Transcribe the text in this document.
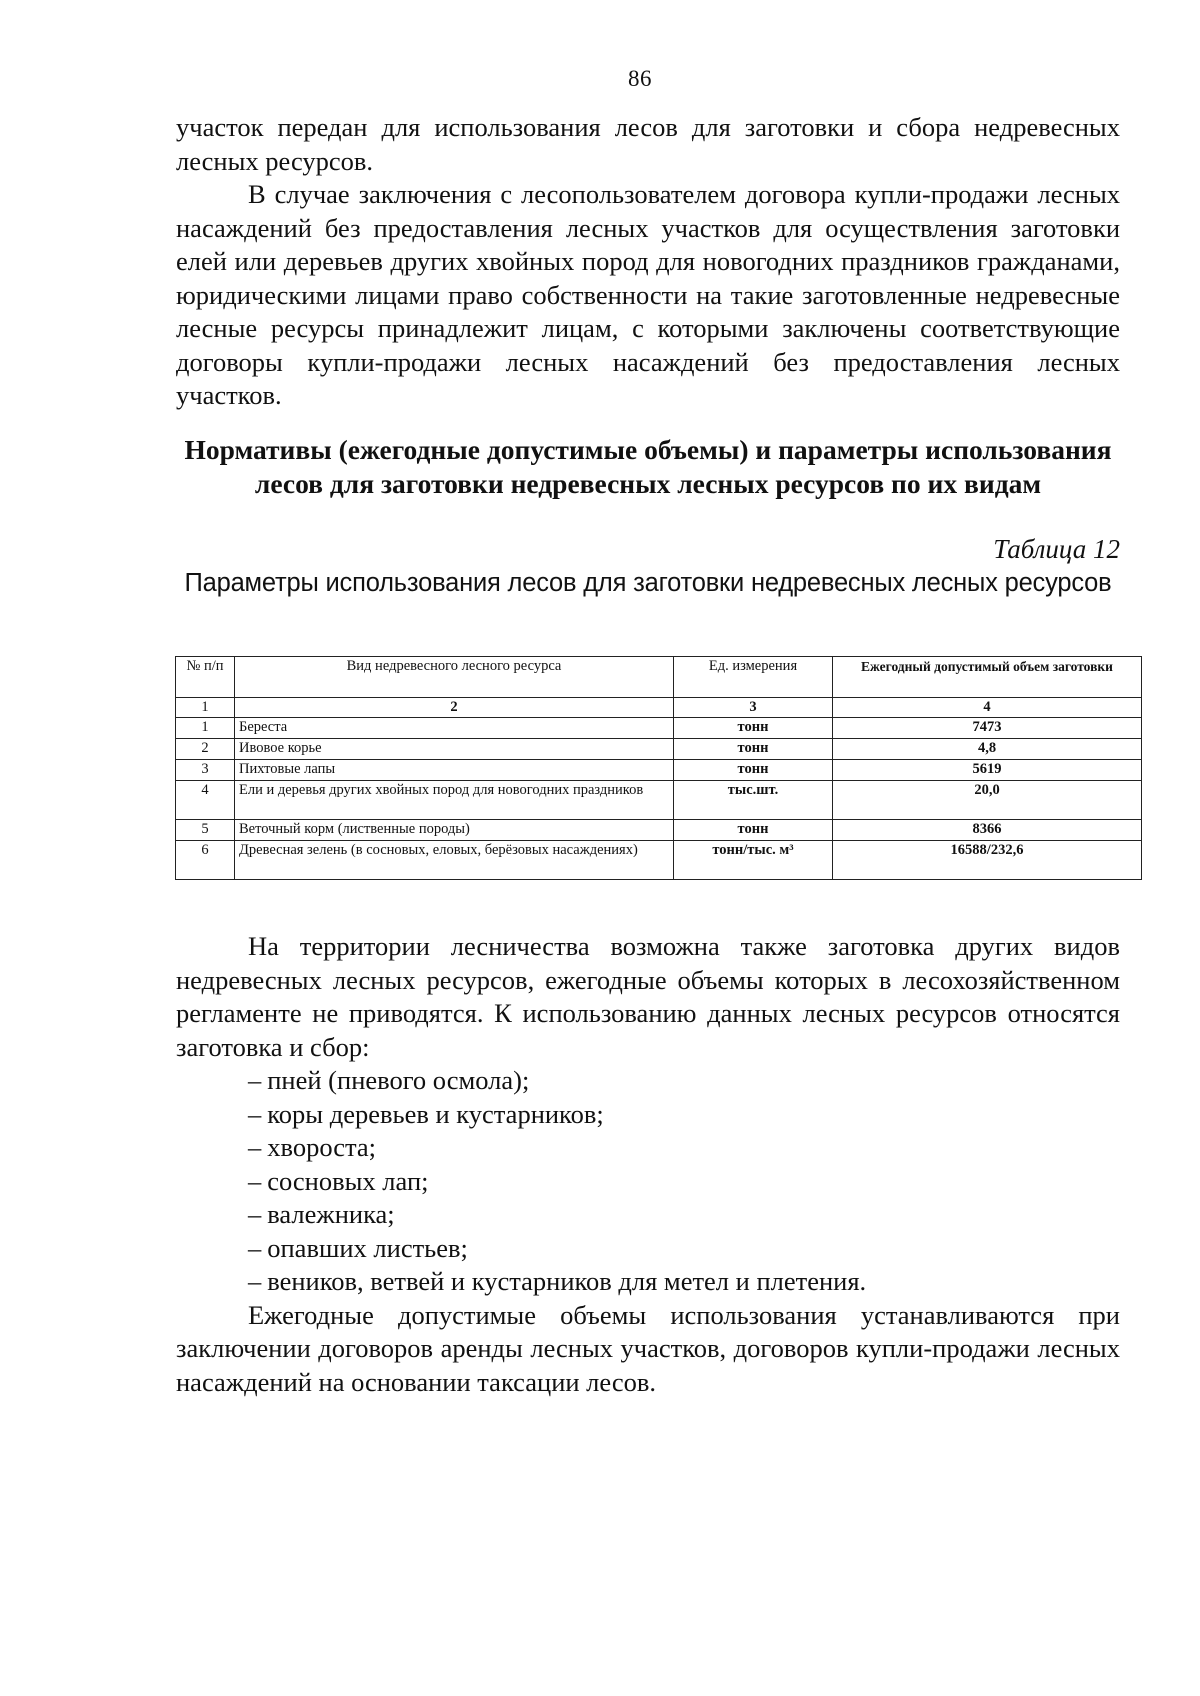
86

участок передан для использования лесов для заготовки и сбора недревесных лесных ресурсов.

В случае заключения с лесопользователем договора купли-продажи лесных насаждений без предоставления лесных участков для осуществления заготовки елей или деревьев других хвойных пород для новогодних праздников гражданами, юридическими лицами право собственности на такие заготовленные недревесные лесные ресурсы принадлежит лицам, с которыми заключены соответствующие договоры купли-продажи лесных насаждений без предоставления лесных участков.

Нормативы (ежегодные допустимые объемы) и параметры использования лесов для заготовки недревесных лесных ресурсов по их видам
Таблица 12
Параметры использования лесов для заготовки недревесных лесных ресурсов
№ п/п	Вид недревесного лесного ресурса	Ед. измерения	Ежегодный допустимый объем заготовки
1	2	3	4
1	Береста	тонн	7473
2	Ивовое корье	тонн	4,8
3	Пихтовые лапы	тонн	5619
4	Ели и деревья других хвойных пород для новогодних праздников	тыс.шт.	20,0
5	Веточный корм (лиственные породы)	тонн	8366
6	Древесная зелень (в сосновых, еловых, берёзовых насаждениях)	тонн/тыс. м³	16588/232,6

На территории лесничества возможна также заготовка других видов недревесных лесных ресурсов, ежегодные объемы которых в лесохозяйственном регламенте не приводятся. К использованию данных лесных ресурсов относятся заготовка и сбор:

– пней (пневого осмола);
– коры деревьев и кустарников;
– хвороста;
– сосновых лап;
– валежника;
– опавших листьев;
– веников, ветвей и кустарников для метел и плетения.

Ежегодные допустимые объемы использования устанавливаются при заключении договоров аренды лесных участков, договоров купли-продажи лесных насаждений на основании таксации лесов.
